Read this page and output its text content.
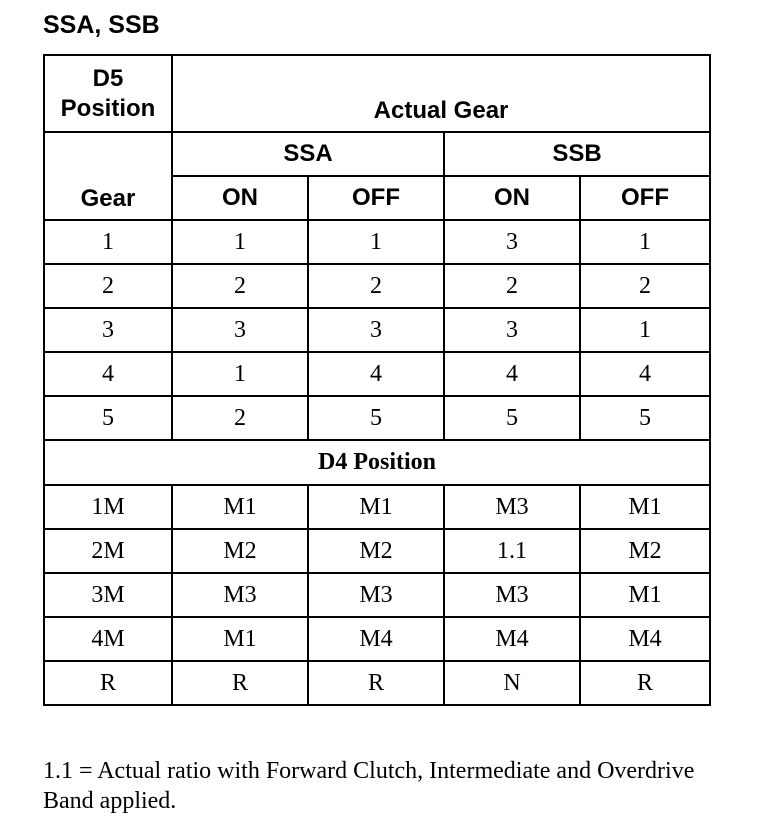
SSA, SSB
D5
Position	Actual Gear			
Gear	SSA		SSB	
	ON	OFF	ON	OFF
1	1	1	3	1
2	2	2	2	2
3	3	3	3	1
4	1	4	4	4
5	2	5	5	5
D4 Position				
1M	M1	M1	M3	M1
2M	M2	M2	1.1	M2
3M	M3	M3	M3	M1
4M	M1	M4	M4	M4
R	R	R	N	R

1.1 = Actual ratio with Forward Clutch, Intermediate and Overdrive Band applied.
